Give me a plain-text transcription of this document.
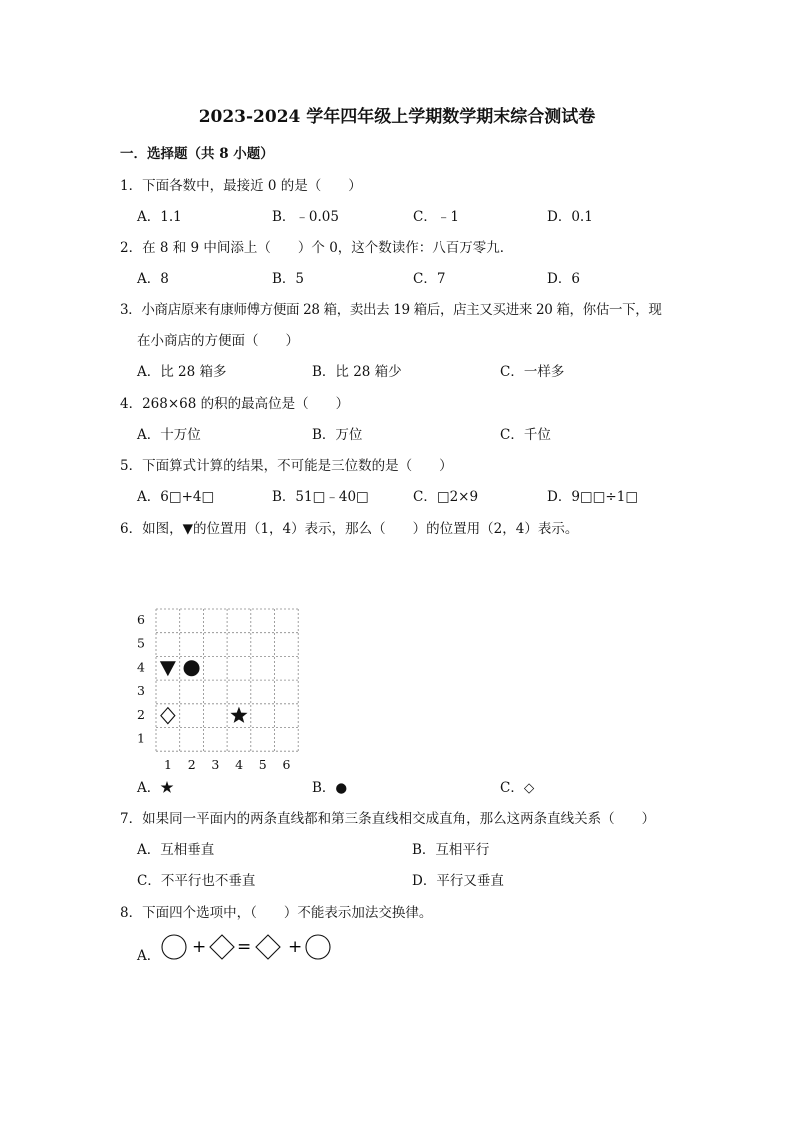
2023-2024 学年四年级上学期数学期末综合测试卷
一．选择题（共 8 小题）
1．下面各数中，最接近 0 的是（　　）
A．1.1	B．﹣0.05	C．﹣1	D．0.1
2．在 8 和 9 中间添上（　　）个 0，这个数读作：八百万零九．
A．8	B．5	C．7	D．6
3．小商店原来有康师傅方便面 28 箱，卖出去 19 箱后，店主又买进来 20 箱，你估一下，现
在小商店的方便面（　　）
A．比 28 箱多	B．比 28 箱少	C．一样多
4．268×68 的积的最高位是（　　）
A．十万位	B．万位	C．千位
5．下面算式计算的结果，不可能是三位数的是（　　）
A．6□+4□	B．51□﹣40□	C．□2×9	D．9□□÷1□
6．如图，▼的位置用（1，4）表示，那么（　　）的位置用（2，4）表示。
6
5
4
3
2
1
1 2 3 4 5 6
A．★	B．●	C．◇
7．如果同一平面内的两条直线都和第三条直线相交成直角，那么这两条直线关系（　　）
A．互相垂直	B．互相平行
C．不平行也不垂直	D．平行又垂直
8．下面四个选项中，（　　）不能表示加法交换律。
A． + = +
